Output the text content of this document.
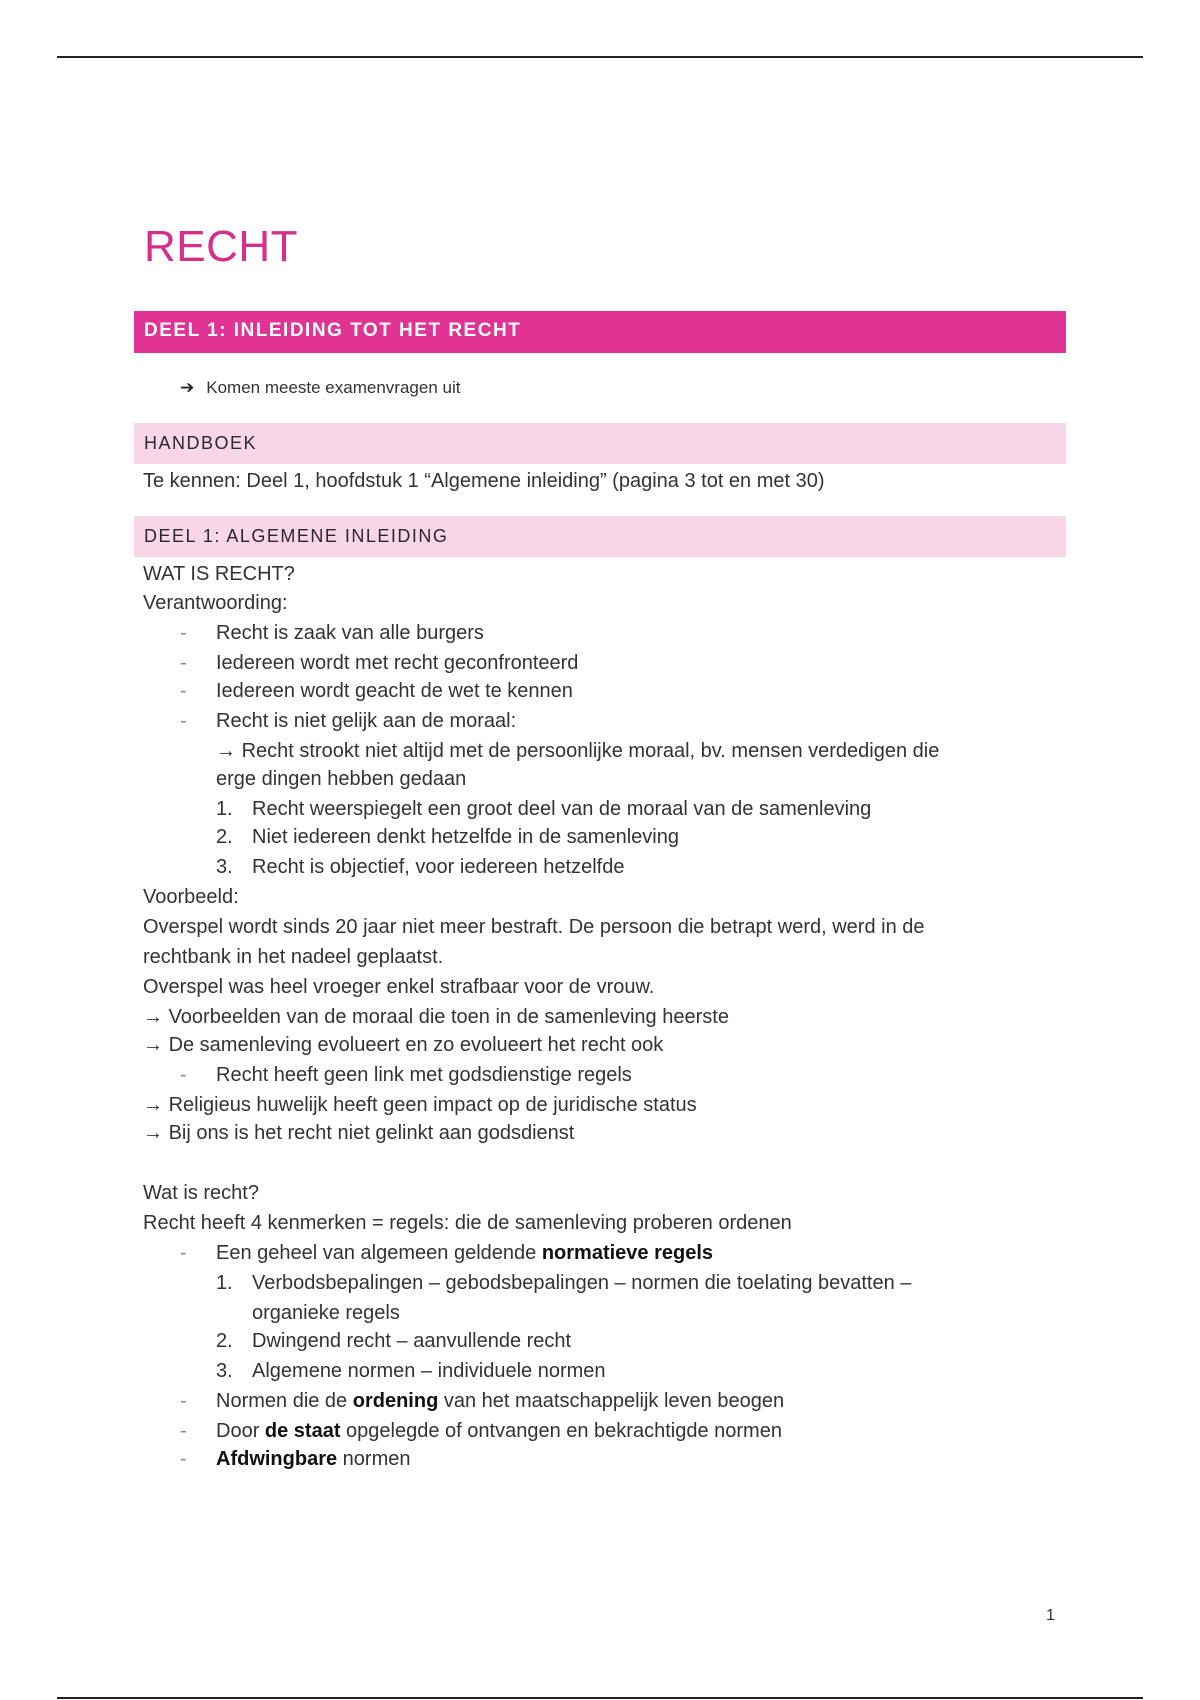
RECHT
DEEL 1: INLEIDING TOT HET RECHT
➔ Komen meeste examenvragen uit
HANDBOEK
Te kennen: Deel 1, hoofdstuk 1 “Algemene inleiding” (pagina 3 tot en met 30)
DEEL 1: ALGEMENE INLEIDING
WAT IS RECHT?
Verantwoording:
- Recht is zaak van alle burgers
- Iedereen wordt met recht geconfronteerd
- Iedereen wordt geacht de wet te kennen
- Recht is niet gelijk aan de moraal:
→ Recht strookt niet altijd met de persoonlijke moraal, bv. mensen verdedigen die
erge dingen hebben gedaan
1. Recht weerspiegelt een groot deel van de moraal van de samenleving
2. Niet iedereen denkt hetzelfde in de samenleving
3. Recht is objectief, voor iedereen hetzelfde
Voorbeeld:
Overspel wordt sinds 20 jaar niet meer bestraft. De persoon die betrapt werd, werd in de
rechtbank in het nadeel geplaatst.
Overspel was heel vroeger enkel strafbaar voor de vrouw.
→ Voorbeelden van de moraal die toen in de samenleving heerste
→ De samenleving evolueert en zo evolueert het recht ook
- Recht heeft geen link met godsdienstige regels
→ Religieus huwelijk heeft geen impact op de juridische status
→ Bij ons is het recht niet gelinkt aan godsdienst
Wat is recht?
Recht heeft 4 kenmerken = regels: die de samenleving proberen ordenen
- Een geheel van algemeen geldende normatieve regels
1. Verbodsbepalingen – gebodsbepalingen – normen die toelating bevatten –
organieke regels
2. Dwingend recht – aanvullende recht
3. Algemene normen – individuele normen
- Normen die de ordening van het maatschappelijk leven beogen
- Door de staat opgelegde of ontvangen en bekrachtigde normen
- Afdwingbare normen
1
